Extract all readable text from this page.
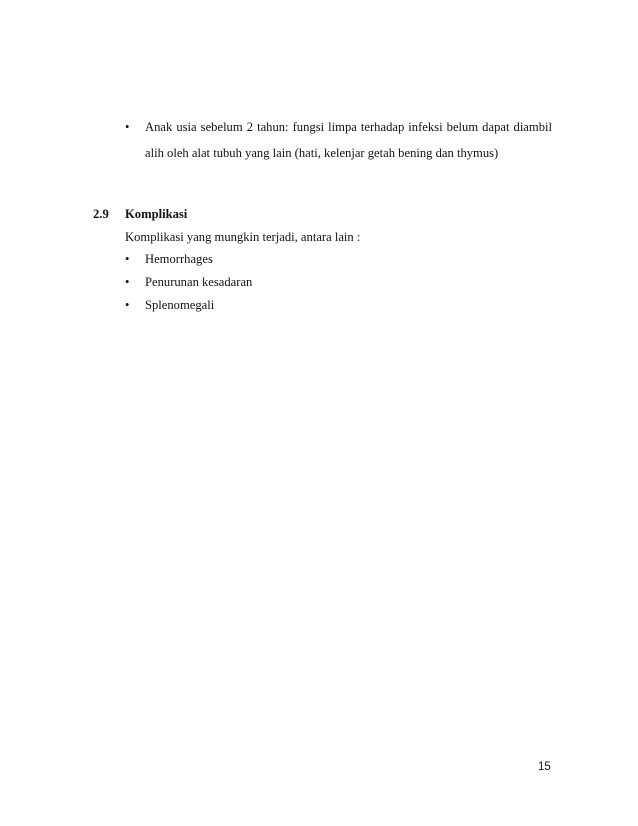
•	Anak usia sebelum 2 tahun: fungsi limpa terhadap infeksi belum dapat diambil
alih oleh alat tubuh yang lain (hati, kelenjar getah bening dan thymus)
2.9 Komplikasi
Komplikasi yang mungkin terjadi, antara lain :
•	Hemorrhages
•	Penurunan kesadaran
•	Splenomegali
15
